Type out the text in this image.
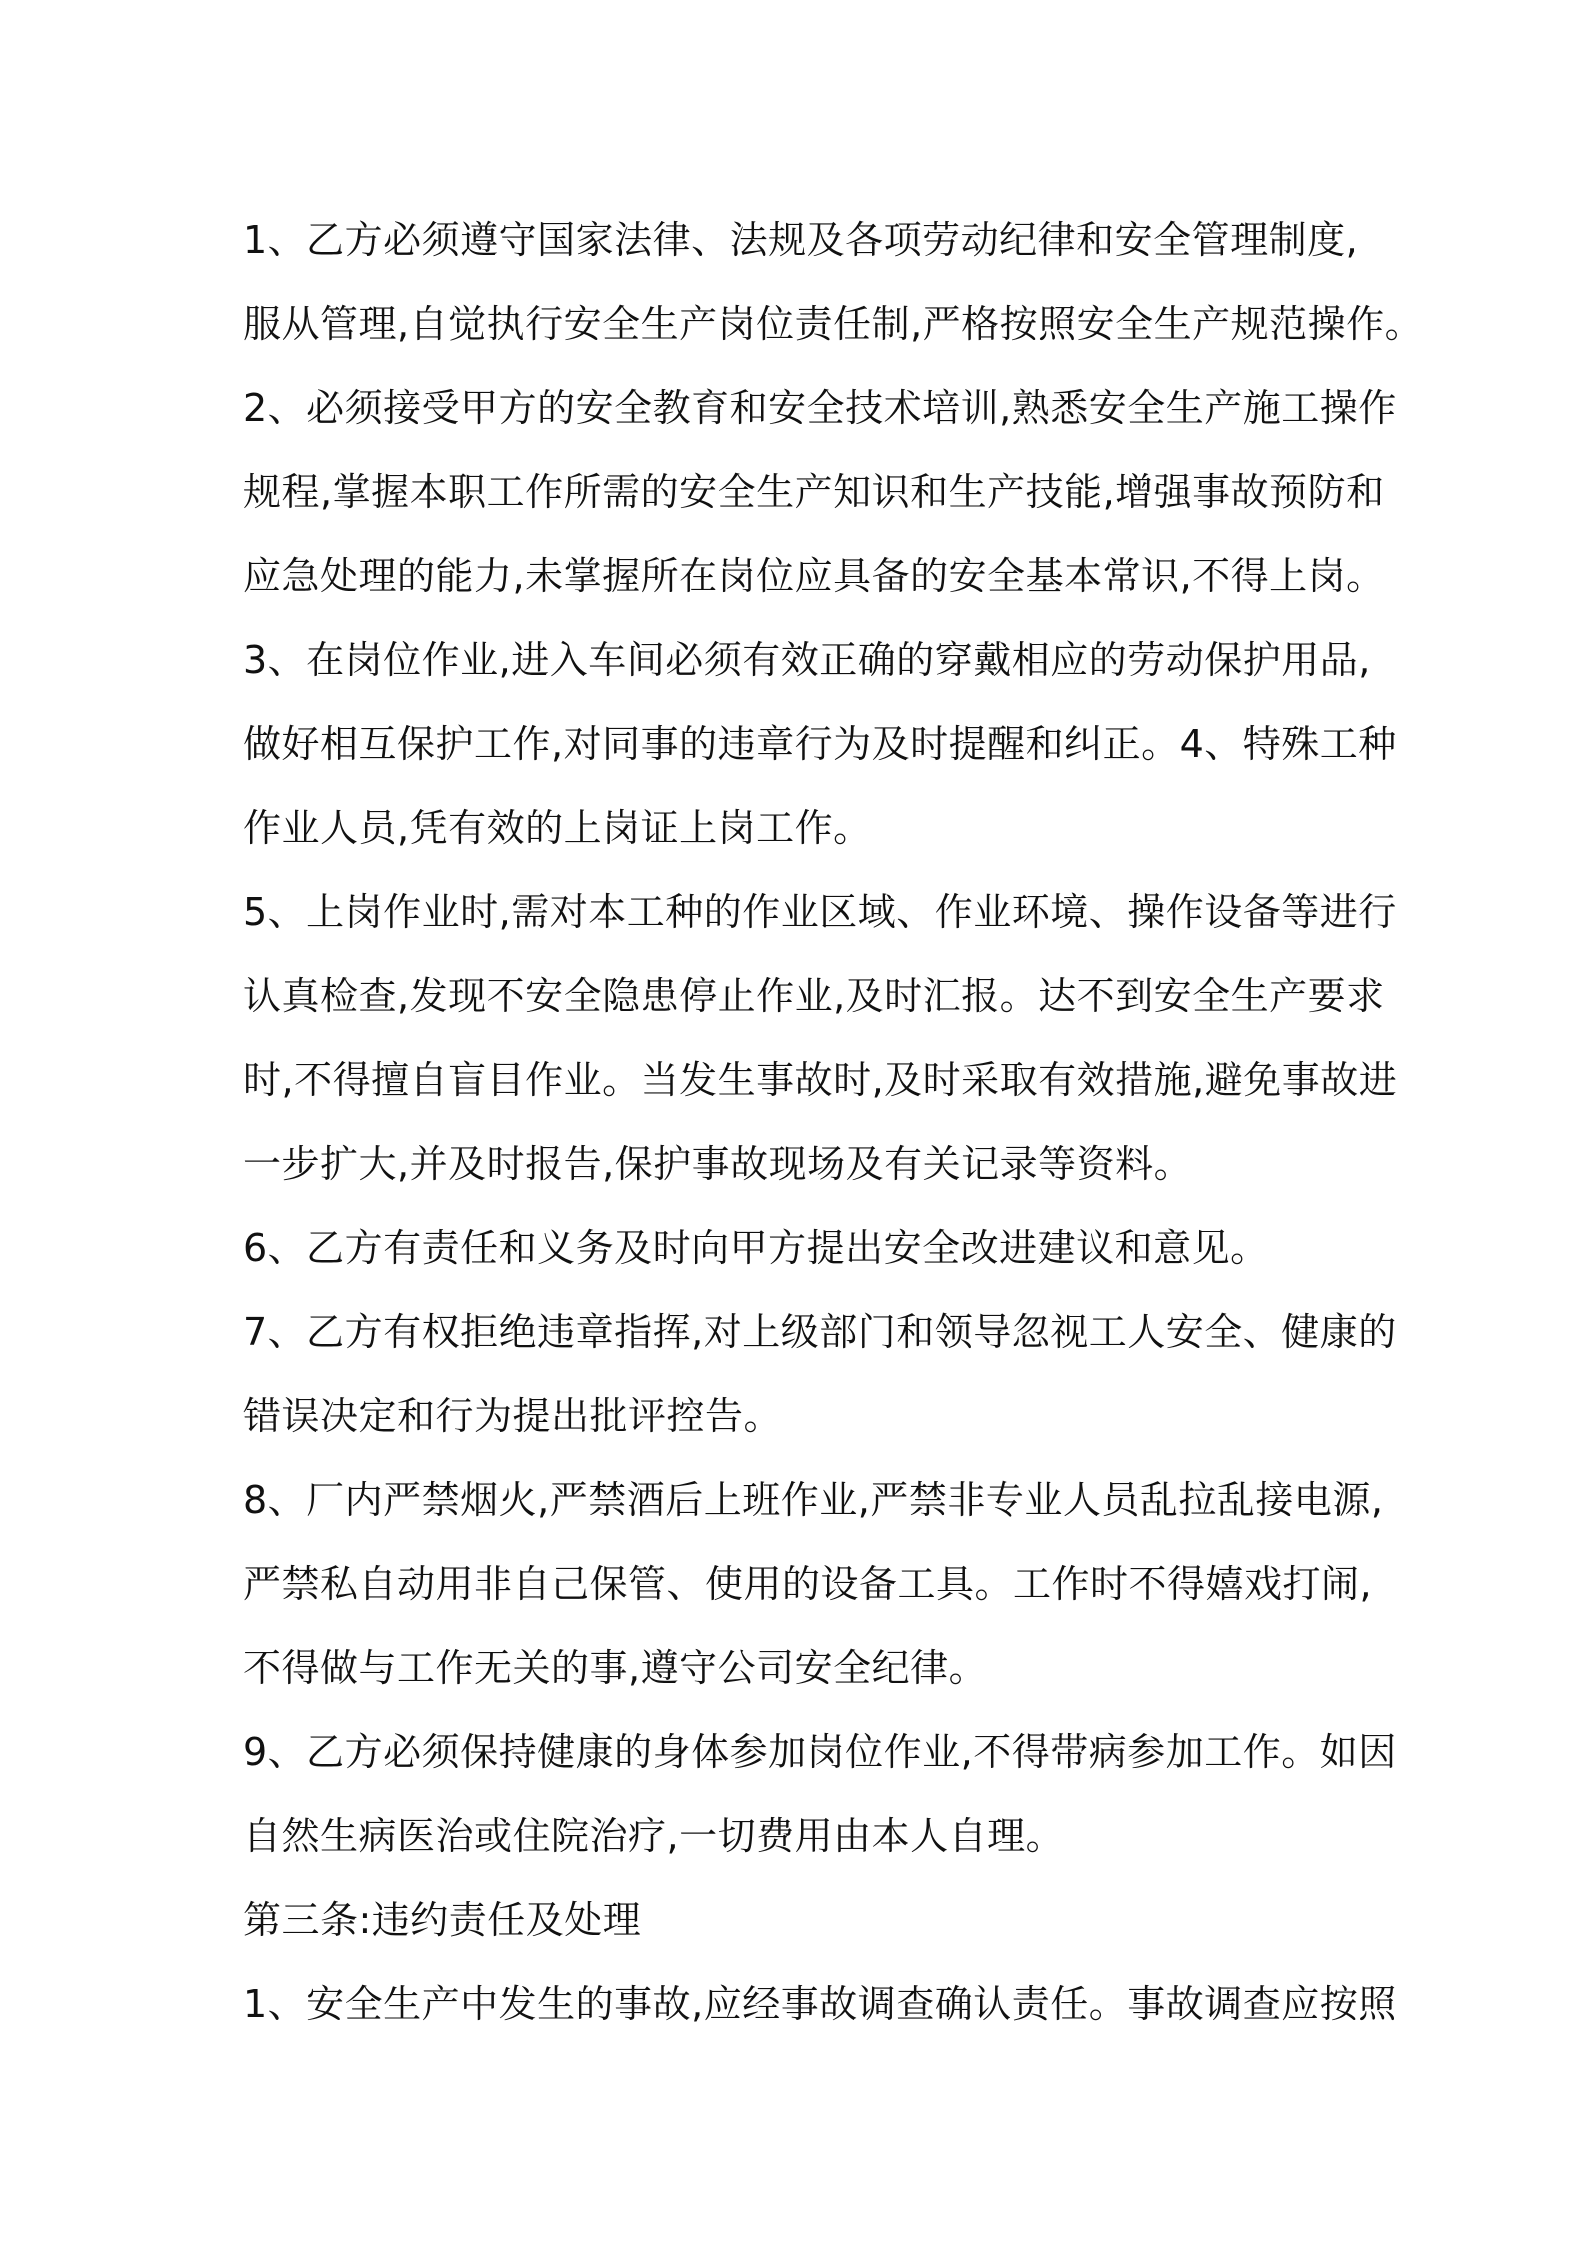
1、乙方必须遵守国家法律、法规及各项劳动纪律和安全管理制度,
服从管理,自觉执行安全生产岗位责任制,严格按照安全生产规范操作。
2、必须接受甲方的安全教育和安全技术培训,熟悉安全生产施工操作
规程,掌握本职工作所需的安全生产知识和生产技能,增强事故预防和
应急处理的能力,未掌握所在岗位应具备的安全基本常识,不得上岗。
3、在岗位作业,进入车间必须有效正确的穿戴相应的劳动保护用品,
做好相互保护工作,对同事的违章行为及时提醒和纠正。4、特殊工种
作业人员,凭有效的上岗证上岗工作。
5、上岗作业时,需对本工种的作业区域、作业环境、操作设备等进行
认真检查,发现不安全隐患停止作业,及时汇报。达不到安全生产要求
时,不得擅自盲目作业。当发生事故时,及时采取有效措施,避免事故进
一步扩大,并及时报告,保护事故现场及有关记录等资料。
6、乙方有责任和义务及时向甲方提出安全改进建议和意见。
7、乙方有权拒绝违章指挥,对上级部门和领导忽视工人安全、健康的
错误决定和行为提出批评控告。
8、厂内严禁烟火,严禁酒后上班作业,严禁非专业人员乱拉乱接电源,
严禁私自动用非自己保管、使用的设备工具。工作时不得嬉戏打闹,
不得做与工作无关的事,遵守公司安全纪律。
9、乙方必须保持健康的身体参加岗位作业,不得带病参加工作。如因
自然生病医治或住院治疗,一切费用由本人自理。
第三条:违约责任及处理
1、安全生产中发生的事故,应经事故调查确认责任。事故调查应按照
